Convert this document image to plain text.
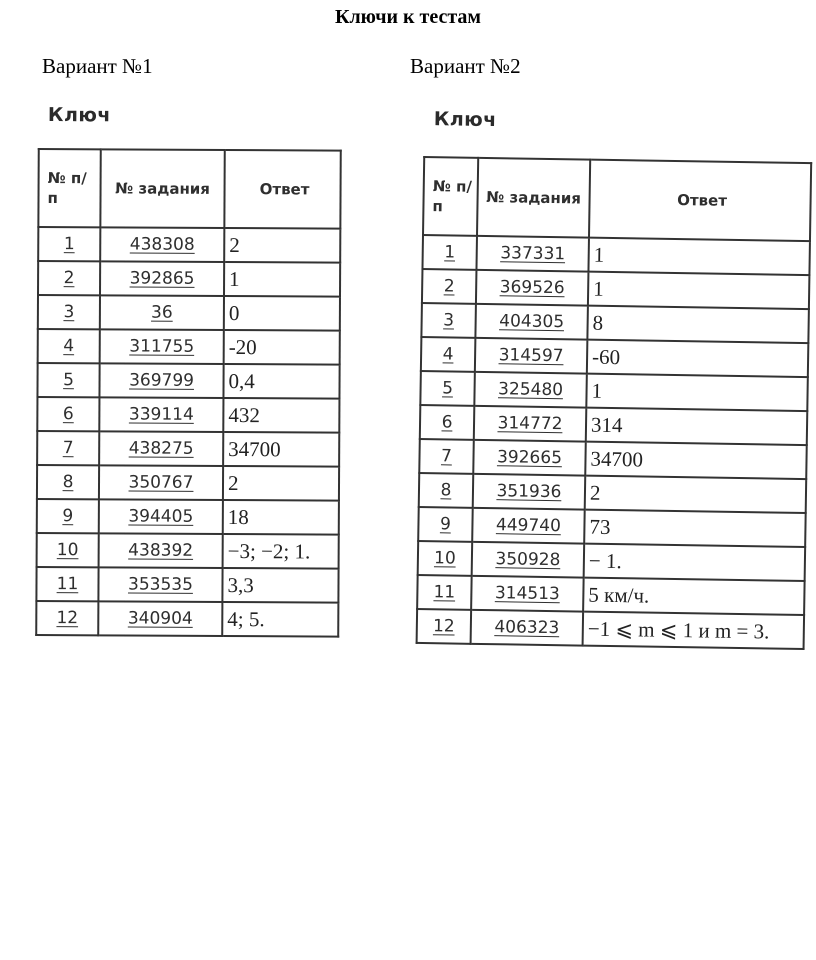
Ключи к тестам
Вариант №1	Вариант №2
Ключ
№ п/ п	№ задания	Ответ
1	438308	2
2	392865	1
3	36	0
4	311755	-20
5	369799	0,4
6	339114	432
7	438275	34700
8	350767	2
9	394405	18
10	438392	−3; −2; 1.
11	353535	3,3
12	340904	4; 5.
Ключ
№ п/ п	№ задания	Ответ
1	337331	1
2	369526	1
3	404305	8
4	314597	-60
5	325480	1
6	314772	314
7	392665	34700
8	351936	2
9	449740	73
10	350928	− 1.
11	314513	5 км/ч.
12	406323	−1 ⩽ m ⩽ 1 и m = 3.
